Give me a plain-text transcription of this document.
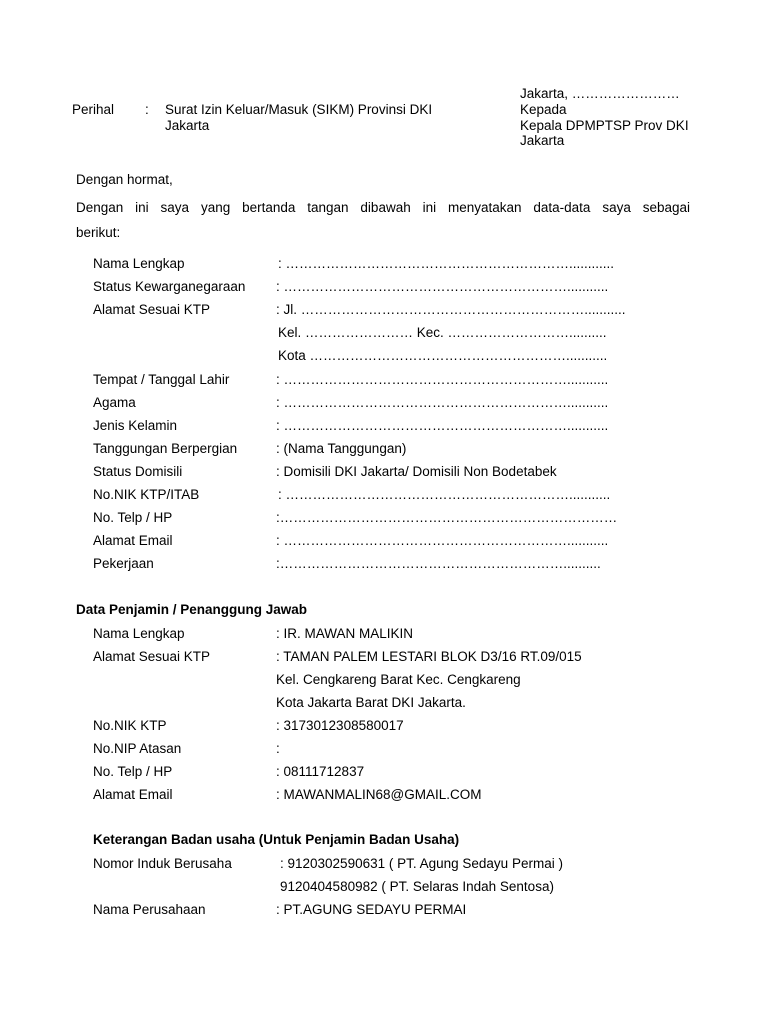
Perihal : Surat Izin Keluar/Masuk (SIKM) Provinsi DKI
Jakarta
Jakarta, ……………………
Kepada
Kepala DPMPTSP Prov DKI
Jakarta
Dengan hormat,
Dengan ini saya yang bertanda tangan dibawah ini menyatakan data-data saya sebagai
berikut:
Nama Lengkap	: ………………………………………………………............
Status Kewarganegaraan : ………………………………………………………...........
Alamat Sesuai KTP	: Jl. ………………………………………………………...........
Kel. …………………… Kec. ………………………..........
Kota …………………………………………………...........
Tempat / Tanggal Lahir	: ………………………………………………………...........
Agama	: ………………………………………………………...........
Jenis Kelamin	: ………………………………………………………...........
Tanggungan Berpergian	: (Nama Tanggungan)
Status Domisili	: Domisili DKI Jakarta/ Domisili Non Bodetabek
No.NIK KTP/ITAB	: ………………………………………………………...........
No. Telp / HP	:…………………………………………………………………
Alamat Email	: ………………………………………………………...........
Pekerjaan	:………………………………………………………..........
Data Penjamin / Penanggung Jawab
Nama Lengkap	: IR. MAWAN MALIKIN
Alamat Sesuai KTP	: TAMAN PALEM LESTARI BLOK D3/16 RT.09/015
Kel. Cengkareng Barat Kec. Cengkareng
Kota Jakarta Barat DKI Jakarta.
No.NIK KTP	: 3173012308580017
No.NIP Atasan	:
No. Telp / HP	: 08111712837
Alamat Email	: MAWANMALIN68@GMAIL.COM
Keterangan Badan usaha (Untuk Penjamin Badan Usaha)
Nomor Induk Berusaha	: 9120302590631 ( PT. Agung Sedayu Permai )
9120404580982 ( PT. Selaras Indah Sentosa)
Nama Perusahaan	: PT.AGUNG SEDAYU PERMAI
